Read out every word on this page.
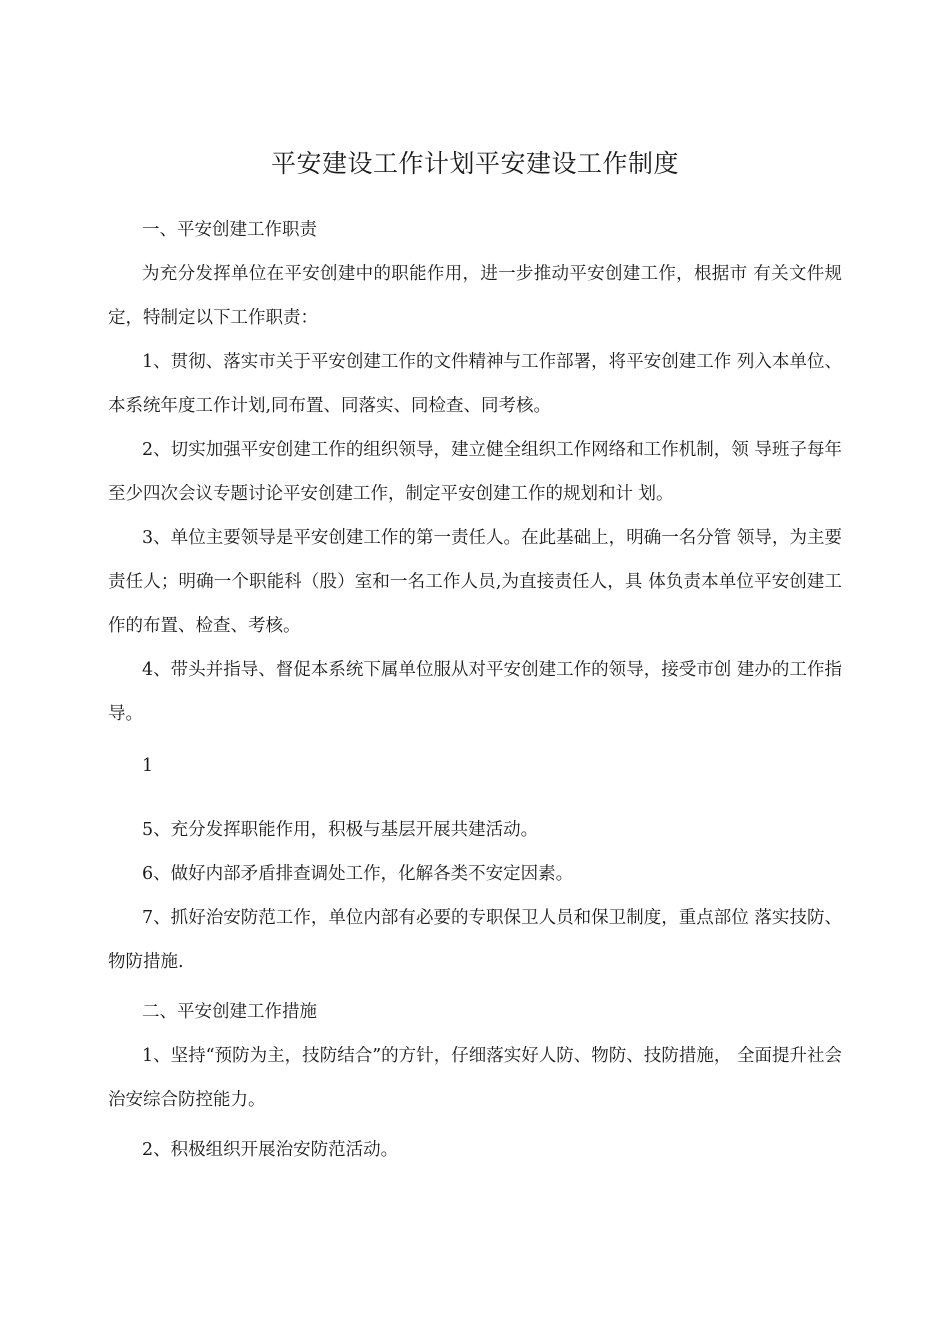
平安建设工作计划平安建设工作制度
一、平安创建工作职责
为充分发挥单位在平安创建中的职能作用，进一步推动平安创建工作，根据市 有关文件规定，特制定以下工作职责：
1、贯彻、落实市关于平安创建工作的文件精神与工作部署，将平安创建工作 列入本单位、本系统年度工作计划,同布置、同落实、同检查、同考核。
2、切实加强平安创建工作的组织领导，建立健全组织工作网络和工作机制，领 导班子每年至少四次会议专题讨论平安创建工作，制定平安创建工作的规划和计 划。
3、单位主要领导是平安创建工作的第一责任人。在此基础上，明确一名分管 领导，为主要责任人；明确一个职能科（股）室和一名工作人员,为直接责任人，具 体负责本单位平安创建工作的布置、检查、考核。
4、带头并指导、督促本系统下属单位服从对平安创建工作的领导，接受市创 建办的工作指导。
1
5、充分发挥职能作用，积极与基层开展共建活动。
6、做好内部矛盾排查调处工作，化解各类不安定因素。
7、抓好治安防范工作，单位内部有必要的专职保卫人员和保卫制度，重点部位 落实技防、物防措施.
二、平安创建工作措施
1、坚持“预防为主，技防结合”的方针，仔细落实好人防、物防、技防措施， 全面提升社会治安综合防控能力。
2、积极组织开展治安防范活动。
